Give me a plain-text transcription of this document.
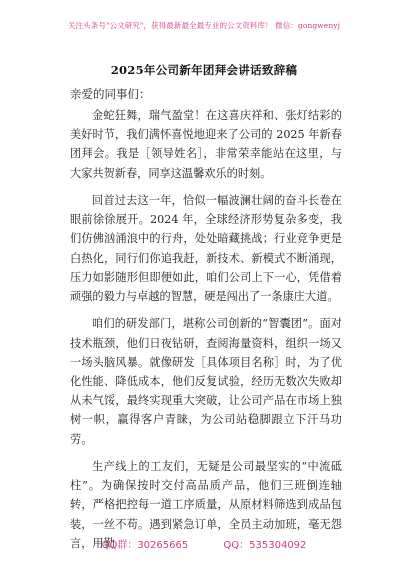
关注头条号"公文研究"，获得最新最全最专业的公文资料库！ 微信：gongwenyj
2025年公司新年团拜会讲话致辞稿
亲爱的同事们：

金蛇狂舞，瑞气盈堂！在这喜庆祥和、张灯结彩的美好时节，我们满怀喜悦地迎来了公司的 2025 年新春团拜会。我是［领导姓名］，非常荣幸能站在这里，与大家共贺新春，同享这温馨欢乐的时刻。

回首过去这一年，恰似一幅波澜壮阔的奋斗长卷在眼前徐徐展开。2024 年，全球经济形势复杂多变，我们仿佛汹涌浪中的行舟，处处暗藏挑战；行业竞争更是白热化，同行们你追我赶，新技术、新模式不断涌现，压力如影随形但即便如此，咱们公司上下一心，凭借着顽强的毅力与卓越的智慧，硬是闯出了一条康庄大道。

咱们的研发部门，堪称公司创新的“智囊团”。面对技术瓶颈，他们日夜钻研，查阅海量资料，组织一场又一场头脑风暴。就像研发［具体项目名称］时，为了优化性能、降低成本，他们反复试验，经历无数次失败却从未气馁，最终实现重大突破，让公司产品在市场上独树一帜，赢得客户青睐，为公司站稳脚跟立下汗马功劳。

生产线上的工友们，无疑是公司最坚实的“中流砥柱”。为确保按时交付高品质产品，他们三班倒连轴转，严格把控每一道工序质量，从原材料筛选到成品包装，一丝不苟。遇到紧急订单，全员主动加班，毫无怨言，用勤

QQ群：30265665	QQ：535304092
